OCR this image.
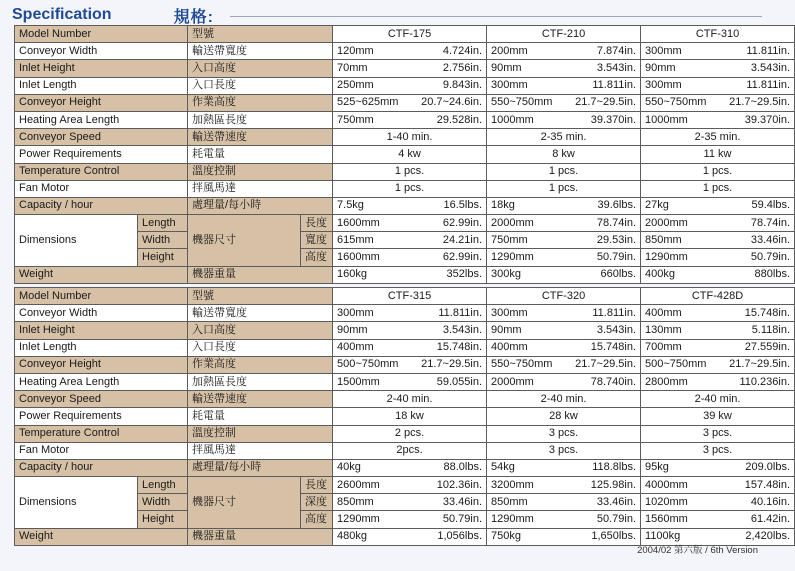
Specification	規格:
Model Number		型號		CTF-175	CTF-210	CTF-310
Conveyor Width		輸送帶寬度		120mm 4.724in.	200mm 7.874in.	300mm 11.811in.

Inlet Height		入口高度		70mm 2.756in.	90mm 3.543in.	90mm 3.543in.

Inlet Length		入口長度		250mm 9.843in.	300mm 11.811in.	300mm 11.811in.

Conveyor Height		作業高度		525~625mm 20.7~24.6in.	550~750mm 21.7~29.5in.	550~750mm 21.7~29.5in.

Heating Area Length		加熱區長度		750mm 29.528in.	1000mm 39.370in.	1000mm 39.370in.

Conveyor Speed		輸送帶速度		1-40 min.	2-35 min.	2-35 min.
Power Requirements		耗電量		4 kw	8 kw	11 kw
Temperature Control		溫度控制		1 pcs.	1 pcs.	1 pcs.
Fan Motor		拌風馬達		1 pcs.	1 pcs.	1 pcs.
Capacity / hour		處理量/每小時		7.5kg 16.5lbs.	18kg 39.6lbs.	27kg 59.4lbs.

Dimensions	Length	機器尺寸	長度	1600mm 62.99in.	2000mm 78.74in.	2000mm 78.74in.

	Width		寬度	615mm 24.21in.	750mm 29.53in.	850mm 33.46in.

	Height		高度	1600mm 62.99in.	1290mm 50.79in.	1290mm 50.79in.

Weight		機器重量		160kg 352lbs.	300kg 660lbs.	400kg 880lbs.
Model Number		型號		CTF-315	CTF-320	CTF-428D
Conveyor Width		輸送帶寬度		300mm 11.811in.	300mm 11.811in.	400mm 15.748in.

Inlet Height		入口高度		90mm 3.543in.	90mm 3.543in.	130mm 5.118in.

Inlet Length		入口長度		400mm 15.748in.	400mm 15.748in.	700mm 27.559in.

Conveyor Height		作業高度		500~750mm 21.7~29.5in.	550~750mm 21.7~29.5in.	500~750mm 21.7~29.5in.

Heating Area Length		加熱區長度		1500mm 59.055in.	2000mm 78.740in.	2800mm 110.236in.

Conveyor Speed		輸送帶速度		2-40 min.	2-40 min.	2-40 min.
Power Requirements		耗電量		18 kw	28 kw	39 kw
Temperature Control		溫度控制		2 pcs.	3 pcs.	3 pcs.
Fan Motor		拌風馬達		2pcs.	3 pcs.	3 pcs.
Capacity / hour		處理量/每小時		40kg 88.0lbs.	54kg 118.8lbs.	95kg 209.0lbs.

Dimensions	Length	機器尺寸	長度	2600mm 102.36in.	3200mm 125.98in.	4000mm 157.48in.

	Width		深度	850mm 33.46in.	850mm 33.46in.	1020mm 40.16in.

	Height		高度	1290mm 50.79in.	1290mm 50.79in.	1560mm 61.42in.

Weight		機器重量		480kg 1,056lbs.	750kg 1,650lbs.	1100kg 2,420lbs.
2004/02 第六版 / 6th Version
